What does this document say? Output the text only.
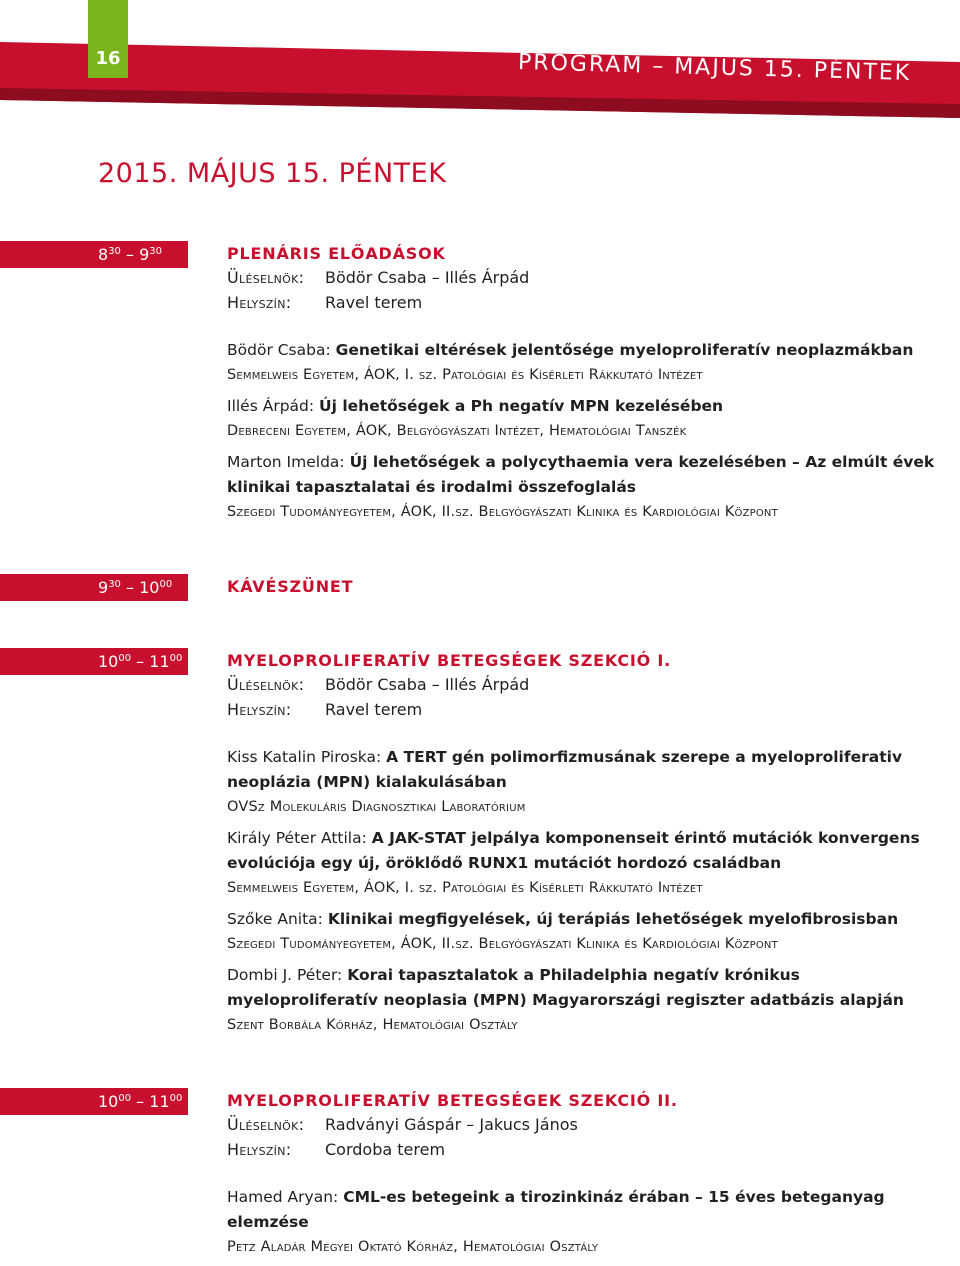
16	PROGRAM – MÁJUS 15. PÉNTEK
2015. MÁJUS 15. PÉNTEK
$8^{30} - 9^{30}$	PLENÁRIS ELŐADÁSOK
Üléselnök: Bödör Csaba – Illés Árpád
Helyszín: Ravel terem
Bödör Csaba: Genetikai eltérések jelentősége myeloproliferatív neoplazmákban
Semmelweis Egyetem, ÁOK, I. sz. Patológiai és Kísérleti Rákkutató Intézet
Illés Árpád: Új lehetőségek a Ph negatív MPN kezelésében
Debreceni Egyetem, ÁOK, Belgyógyászati Intézet, Hematológiai Tanszék
Marton Imelda: Új lehetőségek a polycythaemia vera kezelésében – Az elmúlt évek klinikai tapasztalatai és irodalmi összefoglalás
Szegedi Tudományegyetem, ÁOK, II.sz. Belgyógyászati Klinika és Kardiológiai Központ
$9^{30} - 10^{00}$	KÁVÉSZÜNET
$10^{00} - 11^{00}$	MYELOPROLIFERATÍV BETEGSÉGEK SZEKCIÓ I.
Üléselnök: Bödör Csaba – Illés Árpád
Helyszín: Ravel terem
Kiss Katalin Piroska: A TERT gén polimorfizmusának szerepe a myeloproliferativ neoplázia (MPN) kialakulásában
OVSz Molekuláris Diagnosztikai Laboratórium
Király Péter Attila: A JAK-STAT jelpálya komponenseit érintő mutációk konvergens evolúciója egy új, öröklődő RUNX1 mutációt hordozó családban
Semmelweis Egyetem, ÁOK, I. sz. Patológiai és Kísérleti Rákkutató Intézet
Szőke Anita: Klinikai megfigyelések, új terápiás lehetőségek myelofibrosisban
Szegedi Tudományegyetem, ÁOK, II.sz. Belgyógyászati Klinika és Kardiológiai Központ
Dombi J. Péter: Korai tapasztalatok a Philadelphia negatív krónikus myeloproliferatív neoplasia (MPN) Magyarországi regiszter adatbázis alapján
Szent Borbála Kórház, Hematológiai Osztály
$10^{00} - 11^{00}$	MYELOPROLIFERATÍV BETEGSÉGEK SZEKCIÓ II.
Üléselnök: Radványi Gáspár – Jakucs János
Helyszín: Cordoba terem
Hamed Aryan: CML-es betegeink a tirozinkináz érában – 15 éves beteganyag elemzése
Petz Aladár Megyei Oktató Kórház, Hematológiai Osztály
